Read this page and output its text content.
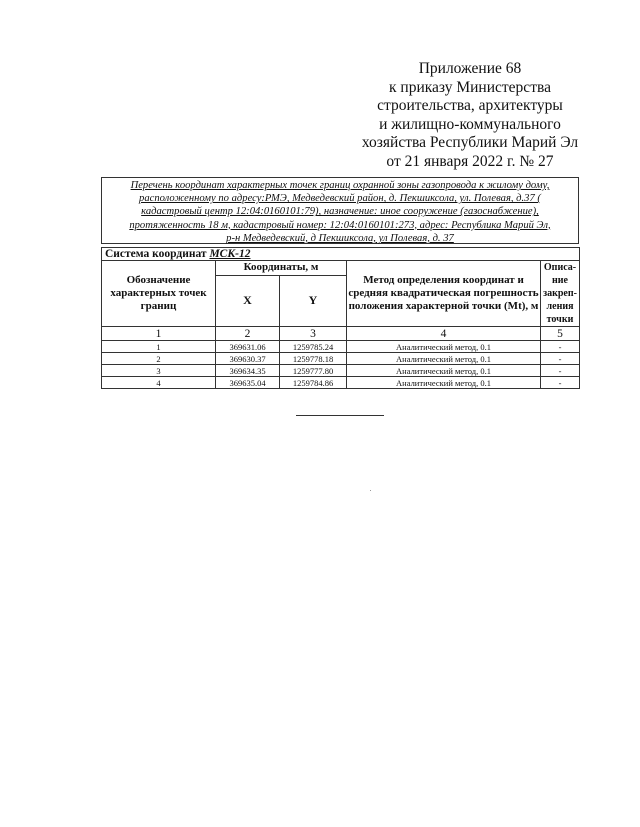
Приложение 68
к приказу Министерства
строительства, архитектуры
и жилищно-коммунального
хозяйства Республики Марий Эл
от 21 января 2022 г. № 27
Перечень координат характерных точек границ охранной зоны газопровода к жилому дому,
расположенному по адресу:РМЭ, Медведевский район, д. Пекшиксола, ул. Полевая, д.37 (
кадастровый центр 12:04:0160101:79), назначение: иное сооружение (газоснабжение),
протяженность 18 м, кадастровый номер: 12:04:0160101:273, адрес: Республика Марий Эл,
р-н Медведевский, д Пекшиксола, ул Полевая, д. 37
Система координат МСК-12				
Обозначение характерных точек границ	Координаты, м		Метод определения координат и средняя квадратическая погрешность положения характерной точки (Mt), м	Описа-ние закреп-ления точки
	X	Y		
1	2	3	4	5
1	369631.06	1259785.24	Аналитический метод, 0.1	-
2	369630.37	1259778.18	Аналитический метод, 0.1	-
3	369634.35	1259777.80	Аналитический метод, 0.1	-
4	369635.04	1259784.86	Аналитический метод, 0.1	-
